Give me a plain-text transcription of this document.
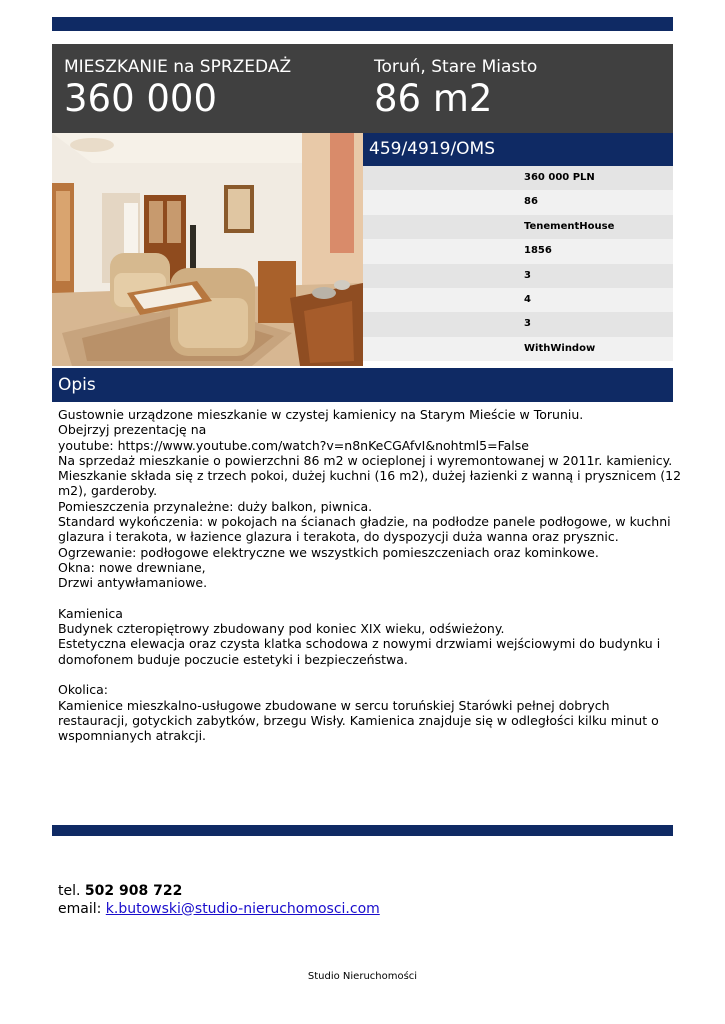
MIESZKANIE na SPRZEDAŻ
360 000
Toruń, Stare Miasto
86 m2
459/4919/OMS
360 000 PLN
86
TenementHouse
1856
3
4
3
WithWindow
Opis
Gustownie urządzone mieszkanie w czystej kamienicy na Starym Mieście w Toruniu.
Obejrzyj prezentację na
youtube: https://www.youtube.com/watch?v=n8nKeCGAfvI&nohtml5=False
Na sprzedaż mieszkanie o powierzchni 86 m2 w ocieplonej i wyremontowanej w 2011r. kamienicy.
Mieszkanie składa się z trzech pokoi, dużej kuchni (16 m2), dużej łazienki z wanną i prysznicem (12
m2), garderoby.
Pomieszczenia przynależne: duży balkon, piwnica.
Standard wykończenia: w pokojach na ścianach gładzie, na podłodze panele podłogowe, w kuchni
glazura i terakota, w łazience glazura i terakota, do dyspozycji duża wanna oraz prysznic.
Ogrzewanie: podłogowe elektryczne we wszystkich pomieszczeniach oraz kominkowe.
Okna: nowe drewniane,
Drzwi antywłamaniowe.
Kamienica
Budynek czteropiętrowy zbudowany pod koniec XIX wieku, odświeżony.
Estetyczna elewacja oraz czysta klatka schodowa z nowymi drzwiami wejściowymi do budynku i
domofonem buduje poczucie estetyki i bezpieczeństwa.
Okolica:
Kamienice mieszkalno-usługowe zbudowane w sercu toruńskiej Starówki pełnej dobrych
restauracji, gotyckich zabytków, brzegu Wisły. Kamienica znajduje się w odległości kilku minut o
wspomnianych atrakcji.
tel. 502 908 722
email: k.butowski@studio-nieruchomosci.com
Studio Nieruchomości
